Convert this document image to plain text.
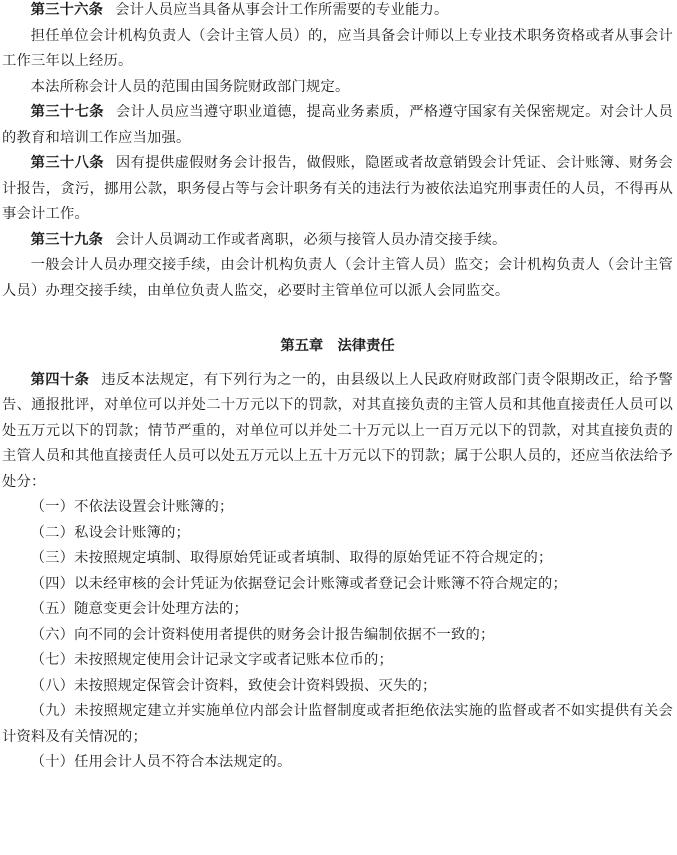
第三十六条 会计人员应当具备从事会计工作所需要的专业能力。

担任单位会计机构负责人（会计主管人员）的，应当具备会计师以上专业技术职务资格或者从事会计工作三年以上经历。

本法所称会计人员的范围由国务院财政部门规定。

第三十七条 会计人员应当遵守职业道德，提高业务素质，严格遵守国家有关保密规定。对会计人员的教育和培训工作应当加强。

第三十八条 因有提供虚假财务会计报告，做假账，隐匿或者故意销毁会计凭证、会计账簿、财务会计报告，贪污，挪用公款，职务侵占等与会计职务有关的违法行为被依法追究刑事责任的人员，不得再从事会计工作。

第三十九条 会计人员调动工作或者离职，必须与接管人员办清交接手续。

一般会计人员办理交接手续，由会计机构负责人（会计主管人员）监交；会计机构负责人（会计主管人员）办理交接手续，由单位负责人监交，必要时主管单位可以派人会同监交。

第五章　法律责任

第四十条 违反本法规定，有下列行为之一的，由县级以上人民政府财政部门责令限期改正，给予警告、通报批评，对单位可以并处二十万元以下的罚款，对其直接负责的主管人员和其他直接责任人员可以处五万元以下的罚款；情节严重的，对单位可以并处二十万元以上一百万元以下的罚款，对其直接负责的主管人员和其他直接责任人员可以处五万元以上五十万元以下的罚款；属于公职人员的，还应当依法给予处分：

（一）不依法设置会计账簿的；

（二）私设会计账簿的；

（三）未按照规定填制、取得原始凭证或者填制、取得的原始凭证不符合规定的；

（四）以未经审核的会计凭证为依据登记会计账簿或者登记会计账簿不符合规定的；

（五）随意变更会计处理方法的；

（六）向不同的会计资料使用者提供的财务会计报告编制依据不一致的；

（七）未按照规定使用会计记录文字或者记账本位币的；

（八）未按照规定保管会计资料，致使会计资料毁损、灭失的；

（九）未按照规定建立并实施单位内部会计监督制度或者拒绝依法实施的监督或者不如实提供有关会计资料及有关情况的；

（十）任用会计人员不符合本法规定的。
